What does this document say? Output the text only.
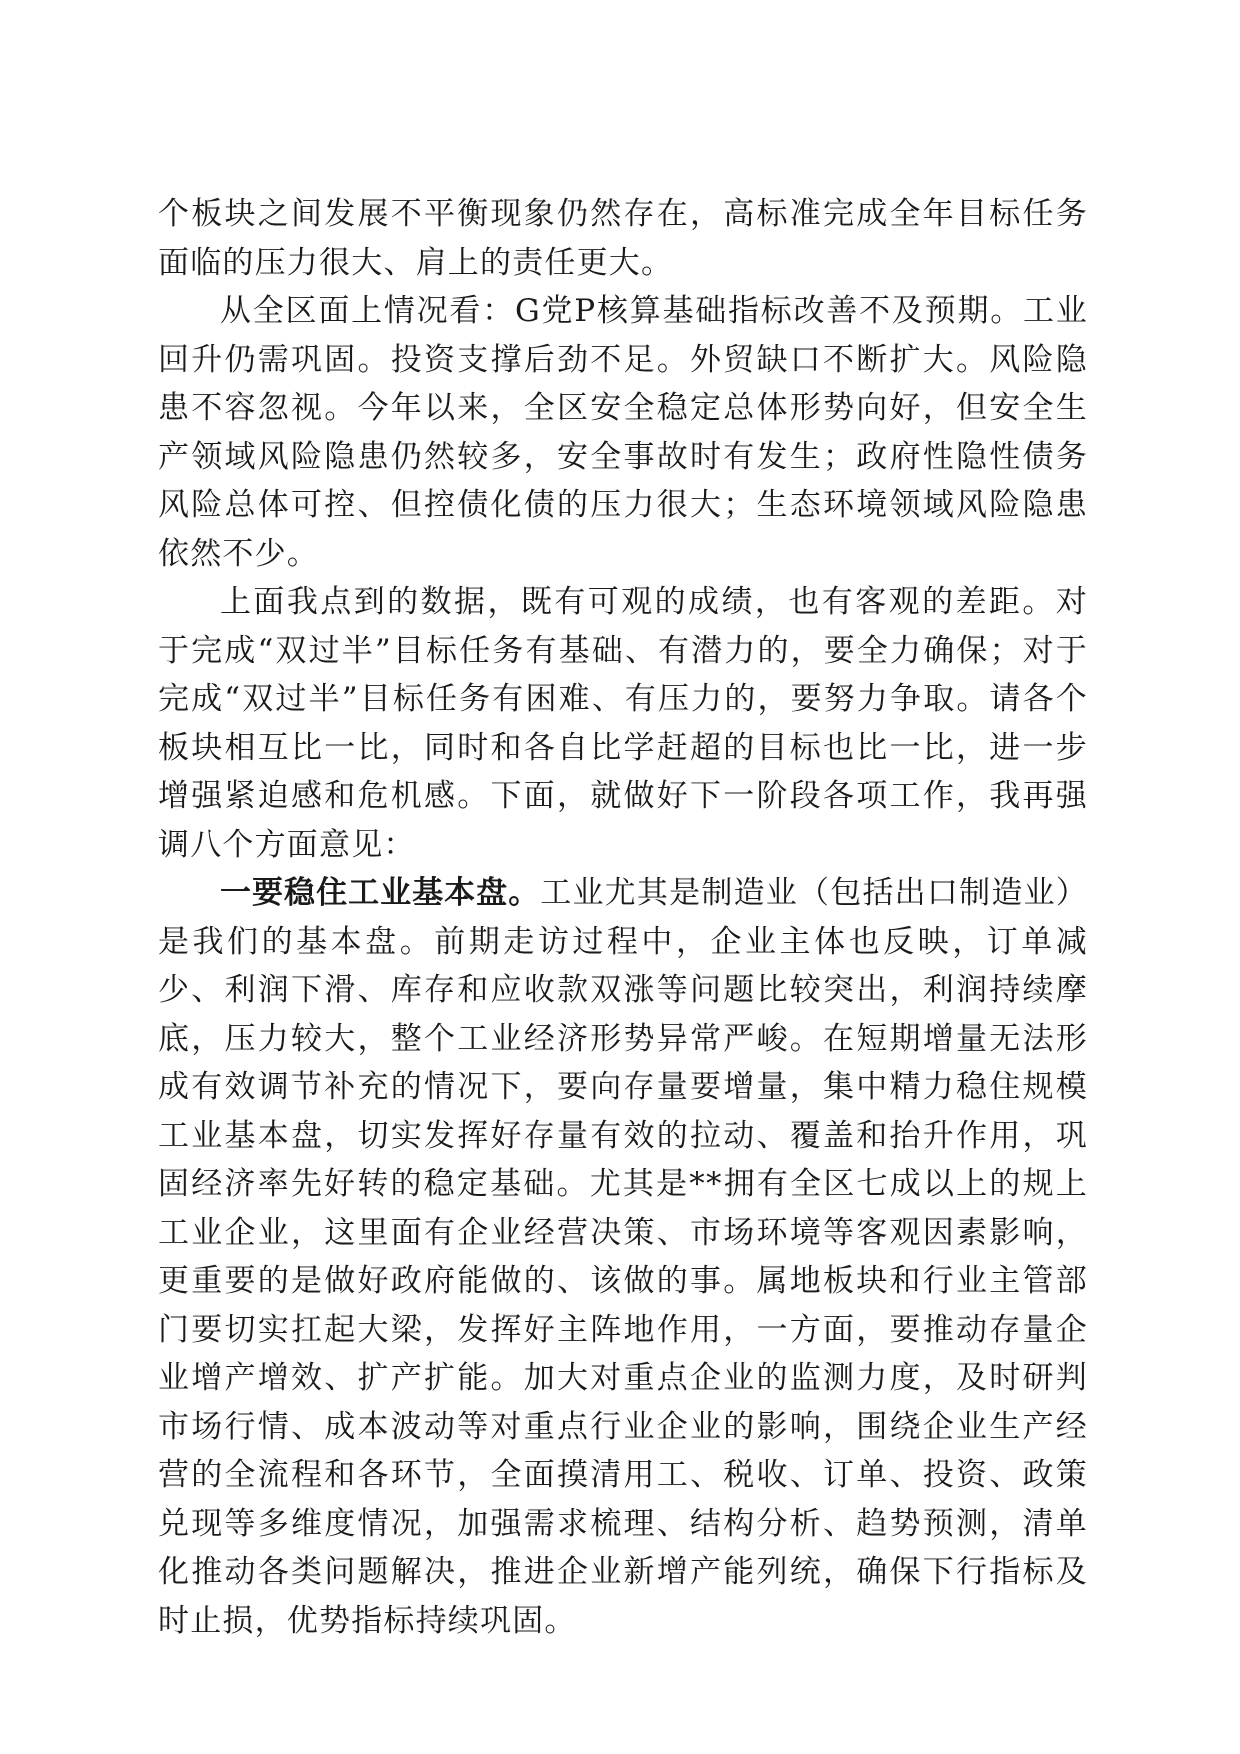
个板块之间发展不平衡现象仍然存在，高标准完成全年目标任务面临的压力很大、肩上的责任更大。

从全区面上情况看：G党P核算基础指标改善不及预期。工业回升仍需巩固。投资支撑后劲不足。外贸缺口不断扩大。风险隐患不容忽视。今年以来，全区安全稳定总体形势向好，但安全生产领域风险隐患仍然较多，安全事故时有发生；政府性隐性债务风险总体可控、但控债化债的压力很大；生态环境领域风险隐患依然不少。

上面我点到的数据，既有可观的成绩，也有客观的差距。对于完成“双过半”目标任务有基础、有潜力的，要全力确保；对于完成“双过半”目标任务有困难、有压力的，要努力争取。请各个板块相互比一比，同时和各自比学赶超的目标也比一比，进一步增强紧迫感和危机感。下面，就做好下一阶段各项工作，我再强调八个方面意见：

一要稳住工业基本盘。工业尤其是制造业（包括出口制造业）是我们的基本盘。前期走访过程中，企业主体也反映，订单减少、利润下滑、库存和应收款双涨等问题比较突出，利润持续摩底，压力较大，整个工业经济形势异常严峻。在短期增量无法形成有效调节补充的情况下，要向存量要增量，集中精力稳住规模工业基本盘，切实发挥好存量有效的拉动、覆盖和抬升作用，巩固经济率先好转的稳定基础。尤其是**拥有全区七成以上的规上工业企业，这里面有企业经营决策、市场环境等客观因素影响，更重要的是做好政府能做的、该做的事。属地板块和行业主管部门要切实扛起大梁，发挥好主阵地作用，一方面，要推动存量企业增产增效、扩产扩能。加大对重点企业的监测力度，及时研判市场行情、成本波动等对重点行业企业的影响，围绕企业生产经营的全流程和各环节，全面摸清用工、税收、订单、投资、政策兑现等多维度情况，加强需求梳理、结构分析、趋势预测，清单化推动各类问题解决，推进企业新增产能列统，确保下行指标及时止损，优势指标持续巩固。
